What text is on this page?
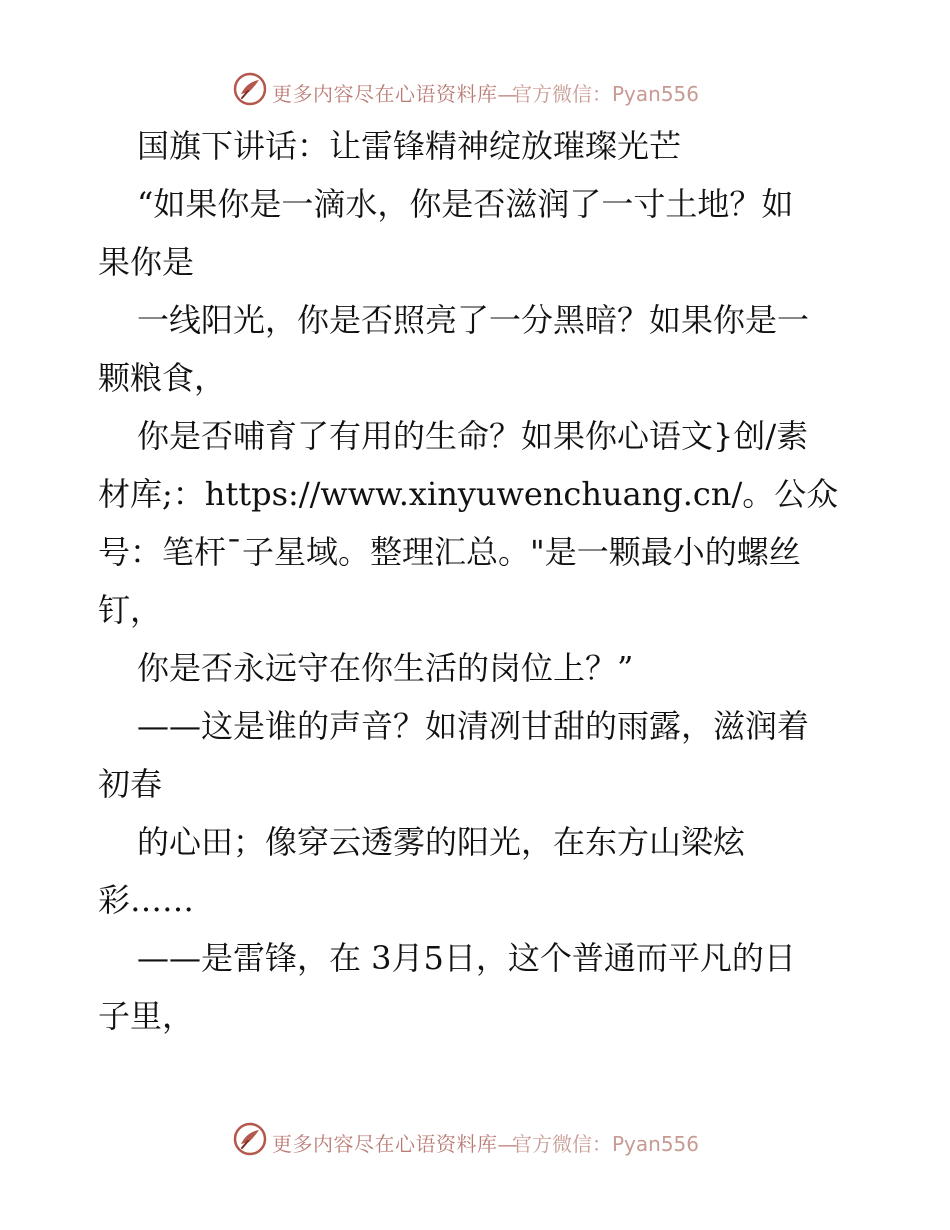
更多内容尽在心语资料库—
官方微信：Pyan556
国旗下讲话：让雷锋精神绽放璀璨光芒
“如果你是一滴水，你是否滋润了一寸土地？如
果你是
一线阳光，你是否照亮了一分黑暗？如果你是一
颗粮食，
你是否哺育了有用的生命？如果你心语文}创/素
材库;：https://www.xinyuwenchuang.cn/。公众
号：笔杆¯子星域。整理汇总。"是一颗最小的螺丝
钉，
你是否永远守在你生活的岗位上？”
——这是谁的声音？如清冽甘甜的雨露，滋润着
初春
的心田；像穿云透雾的阳光，在东方山梁炫
彩……
——是雷锋，在 3月5日，这个普通而平凡的日
子里，
更多内容尽在心语资料库—
官方微信：Pyan556
